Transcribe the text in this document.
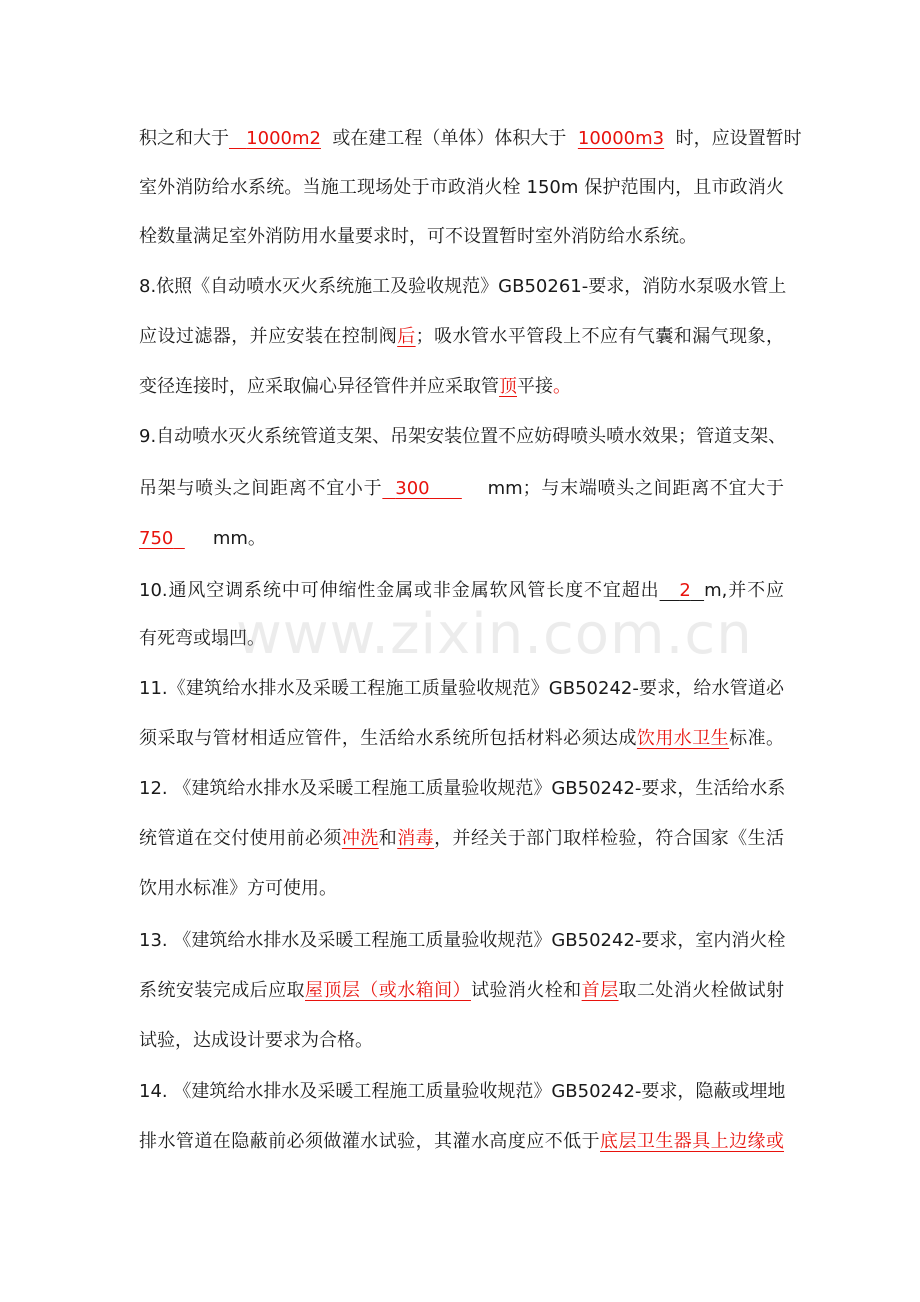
积之和大于 1000m2 或在建工程（单体）体积大于 10000m3 时，应设置暂时
室外消防给水系统。当施工现场处于市政消火栓 150m 保护范围内，且市政消火
栓数量满足室外消防用水量要求时，可不设置暂时室外消防给水系统。
8.依照《自动喷水灭火系统施工及验收规范》GB50261-要求，消防水泵吸水管上
应设过滤器，并应安装在控制阀后；吸水管水平管段上不应有气囊和漏气现象，
变径连接时，应采取偏心异径管件并应采取管顶平接。
9.自动喷水灭火系统管道支架、吊架安装位置不应妨碍喷头喷水效果；管道支架、
吊架与喷头之间距离不宜小于 300	mm；与末端喷头之间距离不宜大于
750 mm。
10.通风空调系统中可伸缩性金属或非金属软风管长度不宜超出 2 m,并不应
有死弯或塌凹。
11.《建筑给水排水及采暖工程施工质量验收规范》GB50242-要求，给水管道必
须采取与管材相适应管件，生活给水系统所包括材料必须达成饮用水卫生标准。
12. 《建筑给水排水及采暖工程施工质量验收规范》GB50242-要求，生活给水系
统管道在交付使用前必须冲洗和消毒，并经关于部门取样检验，符合国家《生活
饮用水标准》方可使用。
13. 《建筑给水排水及采暖工程施工质量验收规范》GB50242-要求，室内消火栓
系统安装完成后应取屋顶层（或水箱间）试验消火栓和首层取二处消火栓做试射
试验，达成设计要求为合格。
14. 《建筑给水排水及采暖工程施工质量验收规范》GB50242-要求，隐蔽或埋地
排水管道在隐蔽前必须做灌水试验，其灌水高度应不低于底层卫生器具上边缘或
www.zixin.com.cn
